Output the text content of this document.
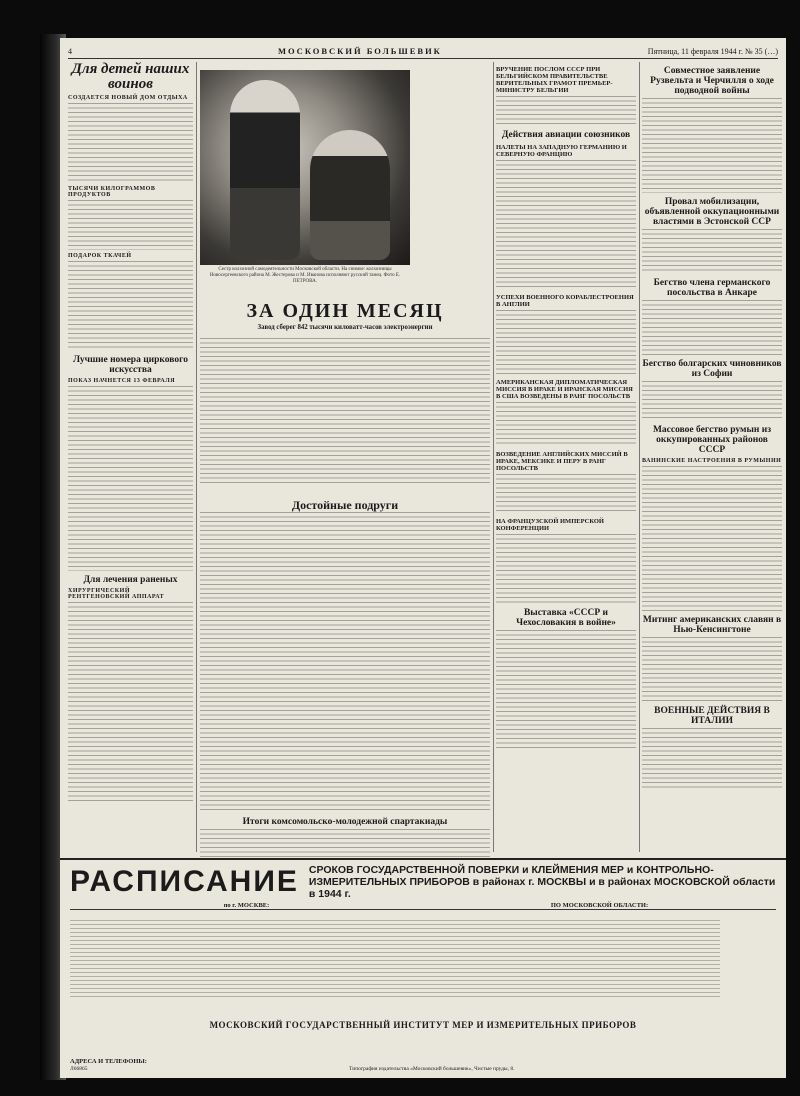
4	МОСКОВСКИЙ БОЛЬШЕВИК	Пятница, 11 февраля 1944 г. № 35 (…)
Для детей наших воинов
СОЗДАЕТСЯ НОВЫЙ ДОМ ОТДЫХА
ТЫСЯЧИ КИЛОГРАММОВ ПРОДУКТОВ
ПОДАРОК ТКАЧЕЙ
Лучшие номера циркового искусства
ПОКАЗ НАЧНЕТСЯ 13 ФЕВРАЛЯ
Для лечения раненых
ХИРУРГИЧЕСКИЙ РЕНТГЕНОВСКИЙ АППАРАТ
Сестр колхозной самодеятельности Московской области. На снимке: колхозницы Новосергеевского района М. Жестерова и М. Иванова исполняют русский танец. Фото Е. ПЕТРОВА.
ЗА ОДИН МЕСЯЦ
Завод сберег 842 тысячи киловатт-часов электроэнергии
Достойные подруги
Итоги комсомольско-молодежной спартакиады
ВРУЧЕНИЕ ПОСЛОМ СССР ПРИ БЕЛЬГИЙСКОМ ПРАВИТЕЛЬСТВЕ ВЕРИТЕЛЬНЫХ ГРАМОТ ПРЕМЬЕР-МИНИСТРУ БЕЛЬГИИ
Действия авиации союзников
НАЛЕТЫ НА ЗАПАДНУЮ ГЕРМАНИЮ И СЕВЕРНУЮ ФРАНЦИЮ
УСПЕХИ ВОЕННОГО КОРАБЛЕСТРОЕНИЯ В АНГЛИИ
АМЕРИКАНСКАЯ ДИПЛОМАТИЧЕСКАЯ МИССИЯ В ИРАКЕ И ИРАНСКАЯ МИССИЯ В США ВОЗВЕДЕНЫ В РАНГ ПОСОЛЬСТВ
ВОЗВЕДЕНИЕ АНГЛИЙСКИХ МИССИЙ В ИРАКЕ, МЕКСИКЕ И ПЕРУ В РАНГ ПОСОЛЬСТВ
НА ФРАНЦУЗСКОЙ ИМПЕРСКОЙ КОНФЕРЕНЦИИ
Выставка «СССР и Чехословакия в войне»
Совместное заявление Рузвельта и Черчилля о ходе подводной войны
Провал мобилизации, объявленной оккупационными властями в Эстонской ССР
Бегство члена германского посольства в Анкаре
Бегство болгарских чиновников из Софии
Массовое бегство румын из оккупированных районов СССР
ВАНИНСКИЕ НАСТРОЕНИЯ В РУМЫНИИ
Митинг американских славян в Нью-Кенсингтоне
ВОЕННЫЕ ДЕЙСТВИЯ В ИТАЛИИ
РАСПИСАНИЕ СРОКОВ ГОСУДАРСТВЕННОЙ ПОВЕРКИ и КЛЕЙМЕНИЯ МЕР и КОНТРОЛЬНО-ИЗМЕРИТЕЛЬНЫХ ПРИБОРОВ в районах г. МОСКВЫ и в районах МОСКОВСКОЙ области в 1944 г.
по г. МОСКВЕ:	ПО МОСКОВСКОЙ ОБЛАСТИ:
МОСКОВСКИЙ ГОСУДАРСТВЕННЫЙ ИНСТИТУТ МЕР И ИЗМЕРИТЕЛЬНЫХ ПРИБОРОВ
АДРЕСА И ТЕЛЕФОНЫ:
Л66865	Типография издательства «Московский большевик», Чистые пруды, 8.
